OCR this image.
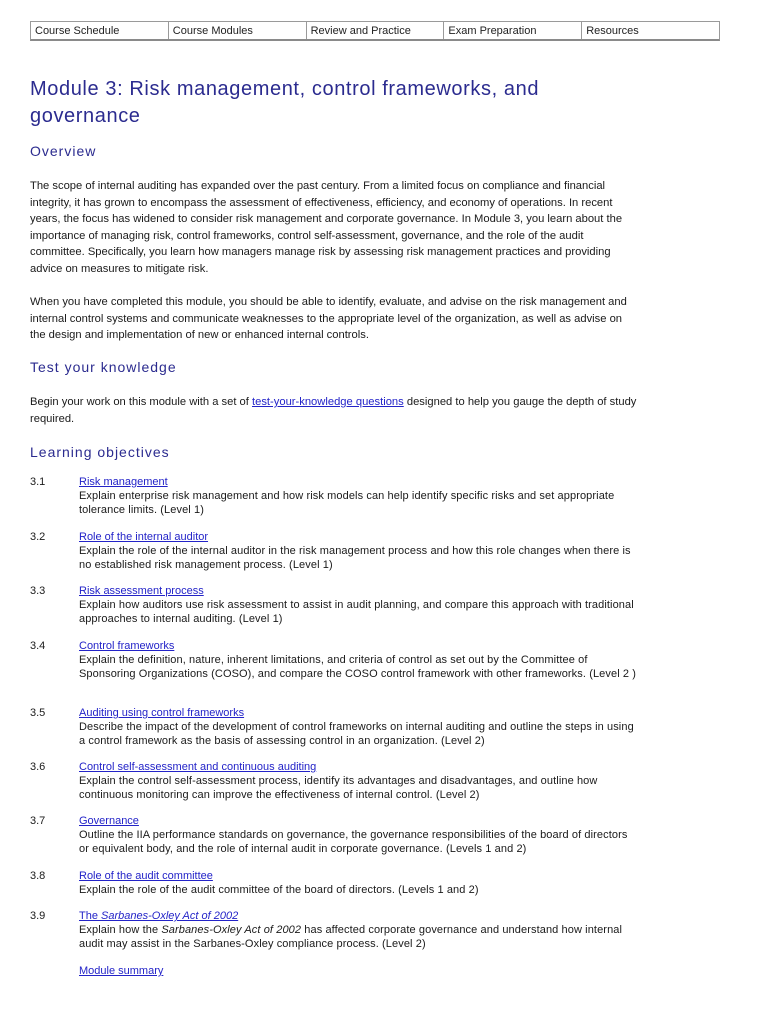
Course Schedule	Course Modules	Review and Practice	Exam Preparation	Resources
Module 3: Risk management, control frameworks, and governance
Overview

The scope of internal auditing has expanded over the past century. From a limited focus on compliance and financial integrity, it has grown to encompass the assessment of effectiveness, efficiency, and economy of operations. In recent years, the focus has widened to consider risk management and corporate governance. In Module 3, you learn about the importance of managing risk, control frameworks, control self-assessment, governance, and the role of the audit committee. Specifically, you learn how managers manage risk by assessing risk management practices and providing advice on measures to mitigate risk.

When you have completed this module, you should be able to identify, evaluate, and advise on the risk management and internal control systems and communicate weaknesses to the appropriate level of the organization, as well as advise on the design and implementation of new or enhanced internal controls.

Test your knowledge

Begin your work on this module with a set of test-your-knowledge questions designed to help you gauge the depth of study required.

Learning objectives
3.1	Risk management
Explain enterprise risk management and how risk models can help identify specific risks and set appropriate tolerance limits. (Level 1)
3.2	Role of the internal auditor
Explain the role of the internal auditor in the risk management process and how this role changes when there is no established risk management process. (Level 1)
3.3	Risk assessment process
Explain how auditors use risk assessment to assist in audit planning, and compare this approach with traditional approaches to internal auditing. (Level 1)
3.4	Control frameworks
Explain the definition, nature, inherent limitations, and criteria of control as set out by the Committee of Sponsoring Organizations (COSO), and compare the COSO control framework with other frameworks. (Level 2 )
3.5	Auditing using control frameworks
Describe the impact of the development of control frameworks on internal auditing and outline the steps in using a control framework as the basis of assessing control in an organization. (Level 2)
3.6	Control self-assessment and continuous auditing
Explain the control self-assessment process, identify its advantages and disadvantages, and outline how continuous monitoring can improve the effectiveness of internal control. (Level 2)
3.7	Governance
Outline the IIA performance standards on governance, the governance responsibilities of the board of directors or equivalent body, and the role of internal audit in corporate governance. (Levels 1 and 2)
3.8	Role of the audit committee
Explain the role of the audit committee of the board of directors. (Levels 1 and 2)
3.9	The Sarbanes-Oxley Act of 2002
Explain how the Sarbanes-Oxley Act of 2002 has affected corporate governance and understand how internal audit may assist in the Sarbanes-Oxley compliance process. (Level 2)
Module summary
